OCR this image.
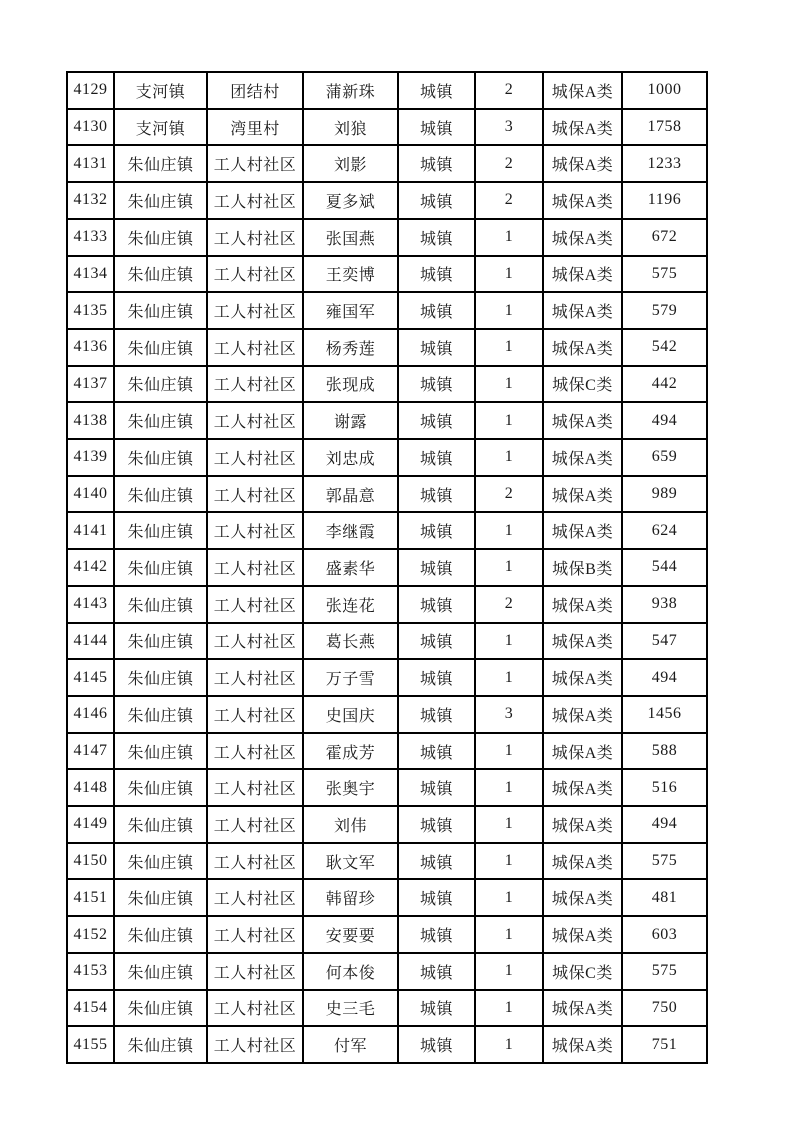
4129	支河镇	团结村	蒲新珠	城镇	2	城保A类	1000
4130	支河镇	湾里村	刘狼	城镇	3	城保A类	1758
4131	朱仙庄镇	工人村社区	刘影	城镇	2	城保A类	1233
4132	朱仙庄镇	工人村社区	夏多斌	城镇	2	城保A类	1196
4133	朱仙庄镇	工人村社区	张国燕	城镇	1	城保A类	672
4134	朱仙庄镇	工人村社区	王奕博	城镇	1	城保A类	575
4135	朱仙庄镇	工人村社区	雍国军	城镇	1	城保A类	579
4136	朱仙庄镇	工人村社区	杨秀莲	城镇	1	城保A类	542
4137	朱仙庄镇	工人村社区	张现成	城镇	1	城保C类	442
4138	朱仙庄镇	工人村社区	谢露	城镇	1	城保A类	494
4139	朱仙庄镇	工人村社区	刘忠成	城镇	1	城保A类	659
4140	朱仙庄镇	工人村社区	郭晶意	城镇	2	城保A类	989
4141	朱仙庄镇	工人村社区	李继霞	城镇	1	城保A类	624
4142	朱仙庄镇	工人村社区	盛素华	城镇	1	城保B类	544
4143	朱仙庄镇	工人村社区	张连花	城镇	2	城保A类	938
4144	朱仙庄镇	工人村社区	葛长燕	城镇	1	城保A类	547
4145	朱仙庄镇	工人村社区	万子雪	城镇	1	城保A类	494
4146	朱仙庄镇	工人村社区	史国庆	城镇	3	城保A类	1456
4147	朱仙庄镇	工人村社区	霍成芳	城镇	1	城保A类	588
4148	朱仙庄镇	工人村社区	张奥宇	城镇	1	城保A类	516
4149	朱仙庄镇	工人村社区	刘伟	城镇	1	城保A类	494
4150	朱仙庄镇	工人村社区	耿文军	城镇	1	城保A类	575
4151	朱仙庄镇	工人村社区	韩留珍	城镇	1	城保A类	481
4152	朱仙庄镇	工人村社区	安要要	城镇	1	城保A类	603
4153	朱仙庄镇	工人村社区	何本俊	城镇	1	城保C类	575
4154	朱仙庄镇	工人村社区	史三毛	城镇	1	城保A类	750
4155	朱仙庄镇	工人村社区	付军	城镇	1	城保A类	751
